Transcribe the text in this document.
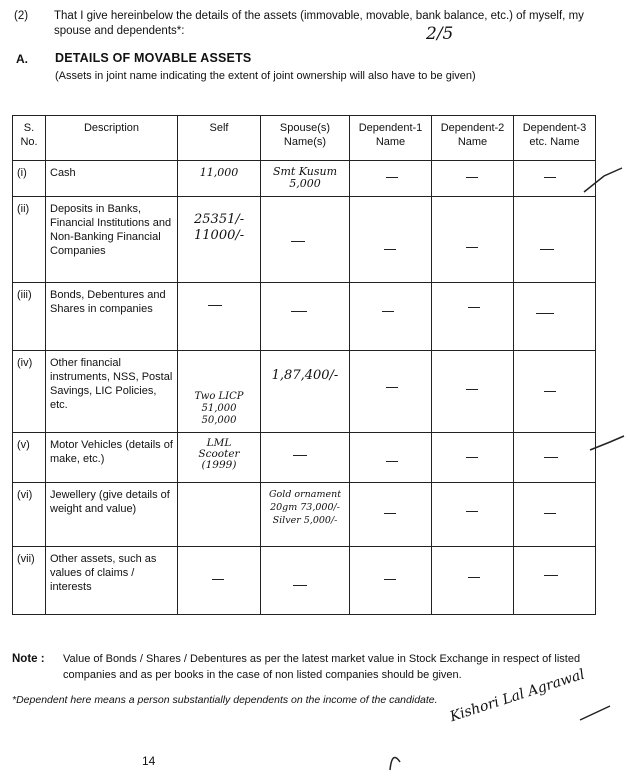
(2) That I give hereinbelow the details of the assets (immovable, movable, bank balance, etc.) of myself, my spouse and dependents*:	2/5
A. DETAILS OF MOVABLE ASSETS
(Assets in joint name indicating the extent of joint ownership will also have to be given)
S. No.	Description	Self	Spouse(s) Name(s)	Dependent-1 Name	Dependent-2 Name	Dependent-3 etc. Name
(i)	Cash	11,000	Smt Kusum 5,000	

(ii)	Deposits in Banks, Financial Institutions and Non-Banking Financial Companies	25351/- 11000/-	

(iii)	Bonds, Debentures and Shares in companies	

(iv)	Other financial instruments, NSS, Postal Savings, LIC Policies, etc.	Two LICP 51,000 50,000	1,87,400/-	

(v)	Motor Vehicles (details of make, etc.)	LML Scooter (1999)	

(vi)	Jewellery (give details of weight and value)		Gold ornament 20gm 73,000/- Silver 5,000/-	

(vii)	Other assets, such as values of claims / interests	

Note : Value of Bonds / Shares / Debentures as per the latest market value in Stock Exchange in respect of listed companies and as per books in the case of non listed companies should be given.
*Dependent here means a person substantially dependents on the income of the candidate. Kishori Lal Agrawal
14
